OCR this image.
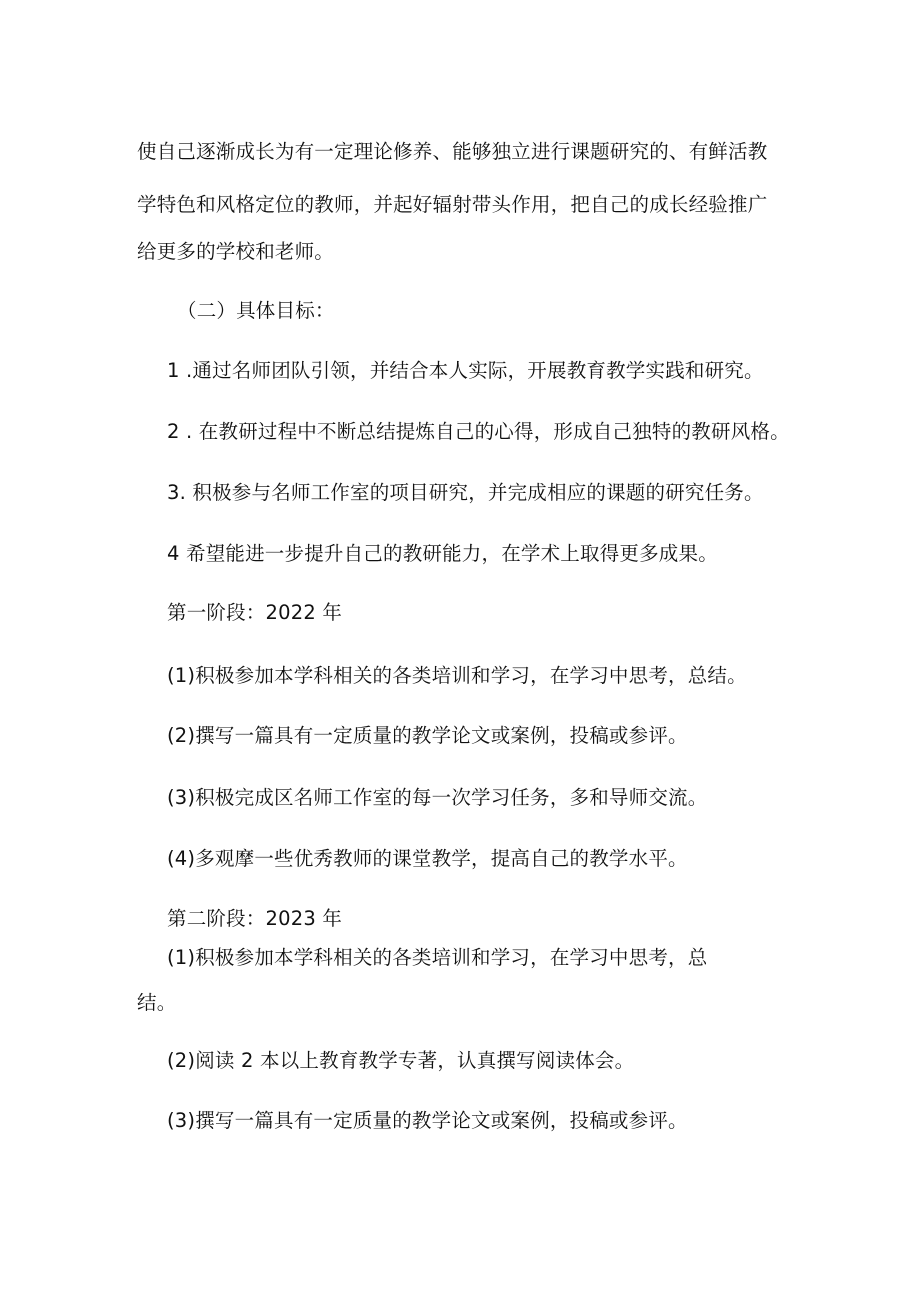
使自己逐渐成长为有一定理论修养、能够独立进行课题研究的、有鲜活教
学特色和风格定位的教师，并起好辐射带头作用，把自己的成长经验推广
给更多的学校和老师。
（二）具体目标：
1 .通过名师团队引领，并结合本人实际，开展教育教学实践和研究。
2 . 在教研过程中不断总结提炼自己的心得，形成自己独特的教研风格。
3. 积极参与名师工作室的项目研究，并完成相应的课题的研究任务。
4 希望能进一步提升自己的教研能力，在学术上取得更多成果。
第一阶段：2022 年
(1)积极参加本学科相关的各类培训和学习，在学习中思考，总结。
(2)撰写一篇具有一定质量的教学论文或案例，投稿或参评。
(3)积极完成区名师工作室的每一次学习任务，多和导师交流。
(4)多观摩一些优秀教师的课堂教学，提高自己的教学水平。
第二阶段：2023 年
(1)积极参加本学科相关的各类培训和学习，在学习中思考，总
结。
(2)阅读 2 本以上教育教学专著，认真撰写阅读体会。
(3)撰写一篇具有一定质量的教学论文或案例，投稿或参评。
